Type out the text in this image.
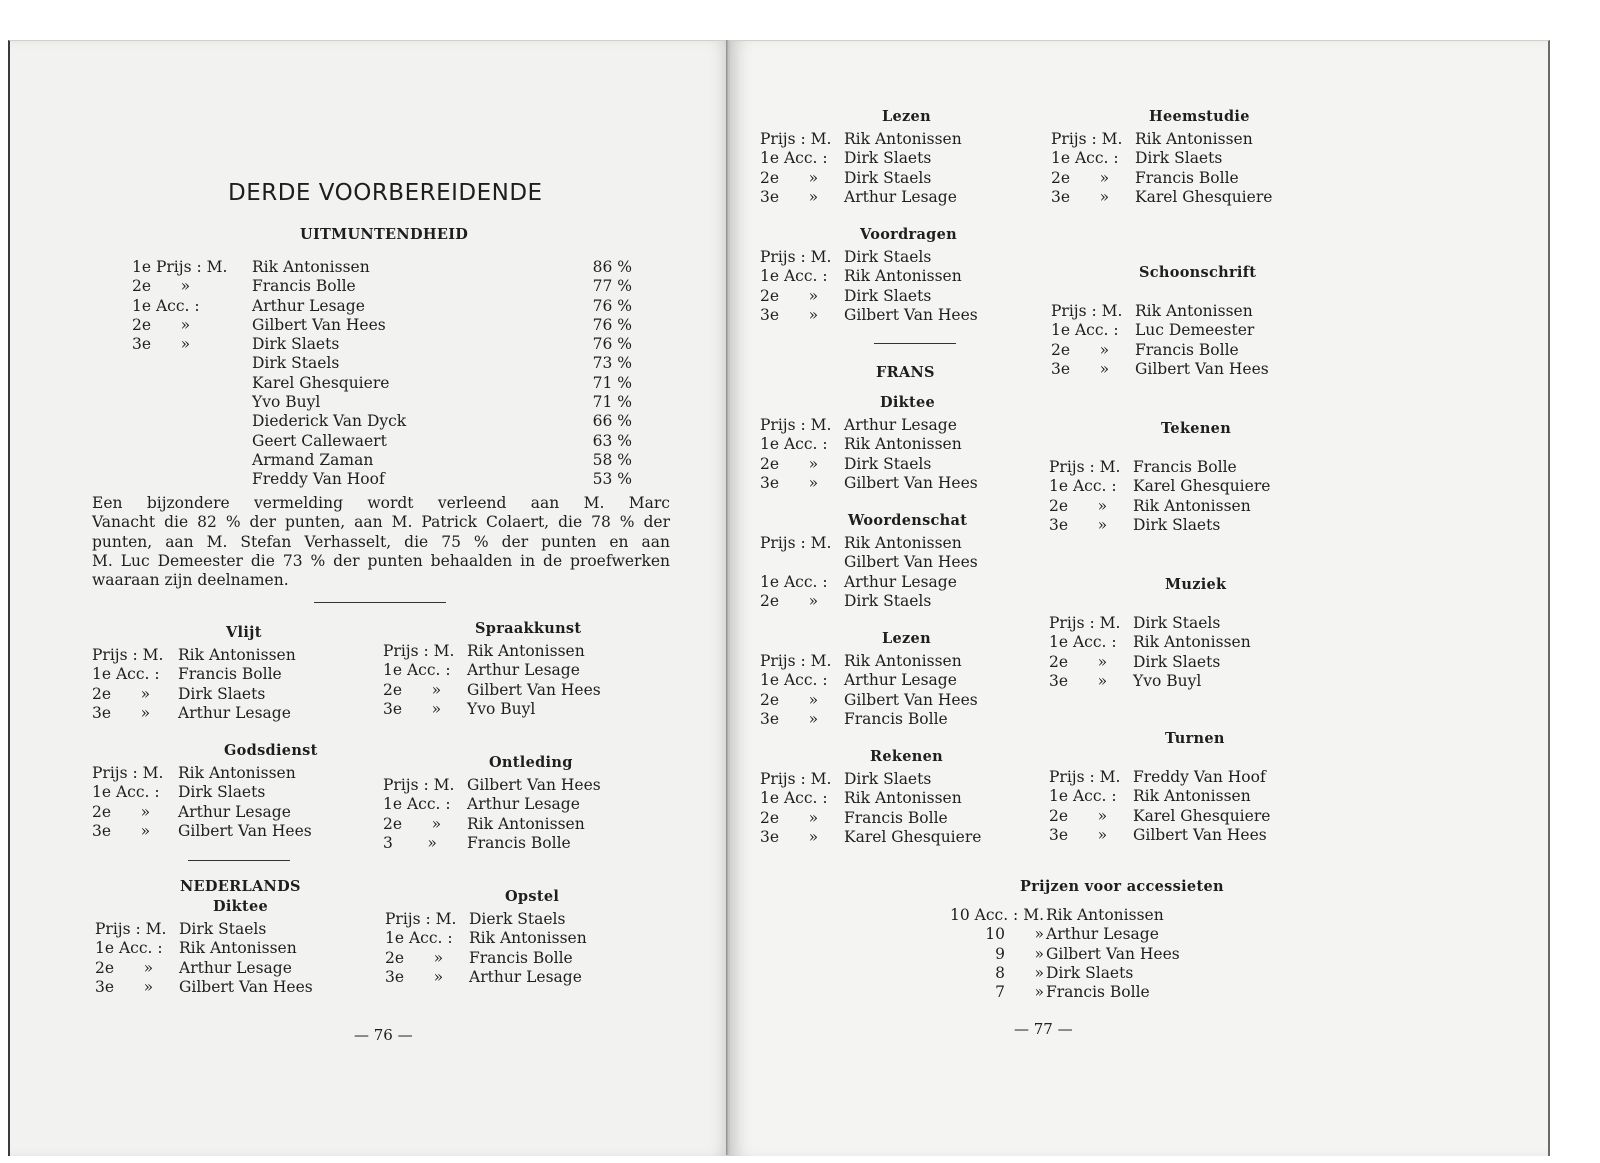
DERDE VOORBEREIDENDE
UITMUNTENDHEID
1e Prijs : M. Rik Antonissen	86 %
2e      »	Francis Bolle	77 %
1e Acc. :	Arthur Lesage	76 %
2e      »	Gilbert Van Hees	76 %
3e      »	Dirk Slaets	76 %
Dirk Staels	73 %
Karel Ghesquiere	71 %
Yvo Buyl	71 %
Diederick Van Dyck	66 %
Geert Callewaert	63 %
Armand Zaman	58 %
Freddy Van Hoof	53 %
Een bijzondere vermelding wordt verleend aan M. Marc
Vanacht die 82 % der punten, aan M. Patrick Colaert, die 78 % der
punten, aan M. Stefan Verhasselt, die 75 % der punten en aan
M. Luc Demeester die 73 % der punten behaalden in de proefwerken
waaraan zijn deelnamen.
Vlijt
Prijs : M. Rik Antonissen
1e Acc. : Francis Bolle
2e      » Dirk Slaets
3e      » Arthur Lesage
Godsdienst
Prijs : M. Rik Antonissen
1e Acc. : Dirk Slaets
2e      » Arthur Lesage
3e      » Gilbert Van Hees
NEDERLANDS
Diktee
Prijs : M. Dirk Staels
1e Acc. : Rik Antonissen
2e      » Arthur Lesage
3e      » Gilbert Van Hees
Spraakkunst
Prijs : M. Rik Antonissen
1e Acc. : Arthur Lesage
2e      » Gilbert Van Hees
3e      » Yvo Buyl
Ontleding
Prijs : M. Gilbert Van Hees
1e Acc. : Arthur Lesage
2e      » Rik Antonissen
3       » Francis Bolle
Opstel
Prijs : M. Dierk Staels
1e Acc. : Rik Antonissen
2e      » Francis Bolle
3e      » Arthur Lesage
— 76 —
Lezen
Prijs : M. Rik Antonissen
1e Acc. : Dirk Slaets
2e      » Dirk Staels
3e      » Arthur Lesage
Voordragen
Prijs : M. Dirk Staels
1e Acc. : Rik Antonissen
2e      » Dirk Slaets
3e      » Gilbert Van Hees
FRANS
Diktee
Prijs : M. Arthur Lesage
1e Acc. : Rik Antonissen
2e      » Dirk Staels
3e      » Gilbert Van Hees
Woordenschat
Prijs : M. Rik Antonissen
Gilbert Van Hees
1e Acc. : Arthur Lesage
2e      » Dirk Staels
Lezen
Prijs : M. Rik Antonissen
1e Acc. : Arthur Lesage
2e      » Gilbert Van Hees
3e      » Francis Bolle
Rekenen
Prijs : M. Dirk Slaets
1e Acc. : Rik Antonissen
2e      » Francis Bolle
3e      » Karel Ghesquiere
Heemstudie
Prijs : M. Rik Antonissen
1e Acc. : Dirk Slaets
2e      » Francis Bolle
3e      » Karel Ghesquiere
Schoonschrift
Prijs : M. Rik Antonissen
1e Acc. : Luc Demeester
2e      » Francis Bolle
3e      » Gilbert Van Hees
Tekenen
Prijs : M. Francis Bolle
1e Acc. : Karel Ghesquiere
2e      » Rik Antonissen
3e      » Dirk Slaets
Muziek
Prijs : M. Dirk Staels
1e Acc. : Rik Antonissen
2e      » Dirk Slaets
3e      » Yvo Buyl
Turnen
Prijs : M. Freddy Van Hoof
1e Acc. : Rik Antonissen
2e      » Karel Ghesquiere
3e      » Gilbert Van Hees
Prijzen voor accessieten
10 Acc. : M. Rik Antonissen
10      » Arthur Lesage
9      » Gilbert Van Hees
8      » Dirk Slaets
7      » Francis Bolle
— 77 —
